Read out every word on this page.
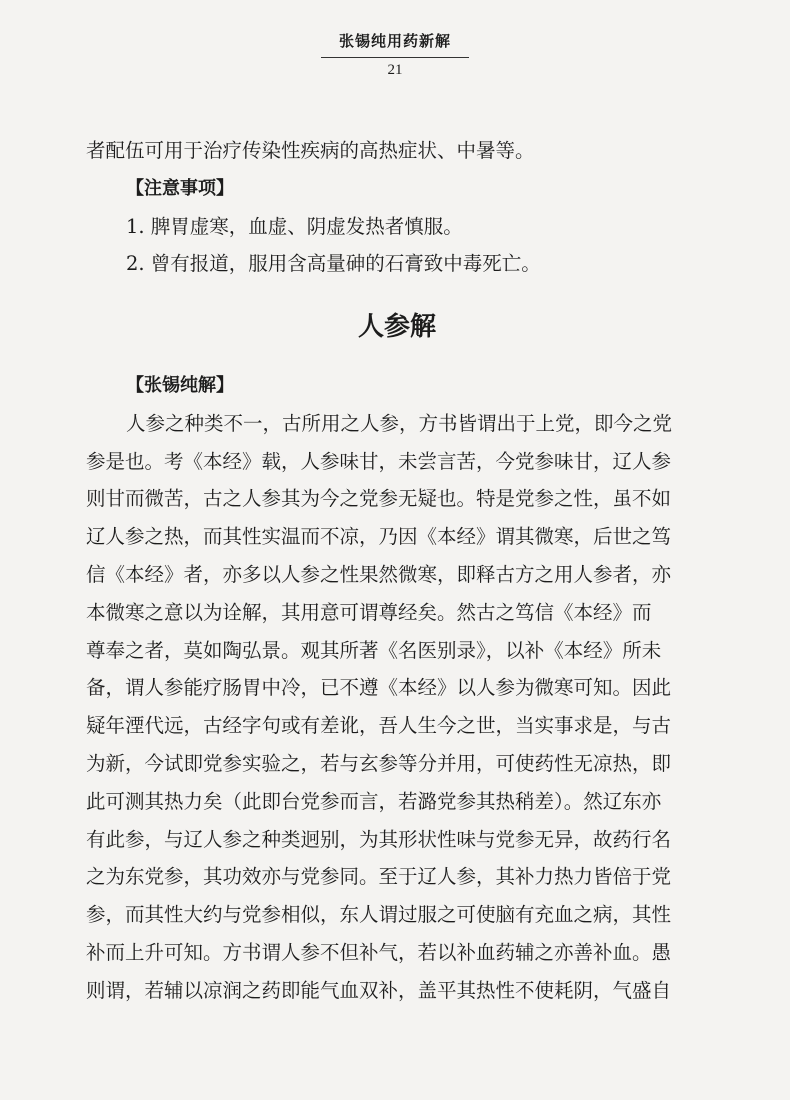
张锡纯用药新解
21
者配伍可用于治疗传染性疾病的高热症状、中暑等。
【注意事项】
1. 脾胃虚寒，血虚、阴虚发热者慎服。
2. 曾有报道，服用含高量砷的石膏致中毒死亡。
人参解
【张锡纯解】
人参之种类不一，古所用之人参，方书皆谓出于上党，即今之党
参是也。考《本经》载，人参味甘，未尝言苦，今党参味甘，辽人参
则甘而微苦，古之人参其为今之党参无疑也。特是党参之性，虽不如
辽人参之热，而其性实温而不凉，乃因《本经》谓其微寒，后世之笃
信《本经》者，亦多以人参之性果然微寒，即释古方之用人参者，亦
本微寒之意以为诠解，其用意可谓尊经矣。然古之笃信《本经》而
尊奉之者，莫如陶弘景。观其所著《名医别录》，以补《本经》所未
备，谓人参能疗肠胃中冷，已不遵《本经》以人参为微寒可知。因此
疑年湮代远，古经字句或有差讹，吾人生今之世，当实事求是，与古
为新，今试即党参实验之，若与玄参等分并用，可使药性无凉热，即
此可测其热力矣（此即台党参而言，若潞党参其热稍差）。然辽东亦
有此参，与辽人参之种类迥别，为其形状性味与党参无异，故药行名
之为东党参，其功效亦与党参同。至于辽人参，其补力热力皆倍于党
参，而其性大约与党参相似，东人谓过服之可使脑有充血之病，其性
补而上升可知。方书谓人参不但补气，若以补血药辅之亦善补血。愚
则谓，若辅以凉润之药即能气血双补，盖平其热性不使耗阴，气盛自
